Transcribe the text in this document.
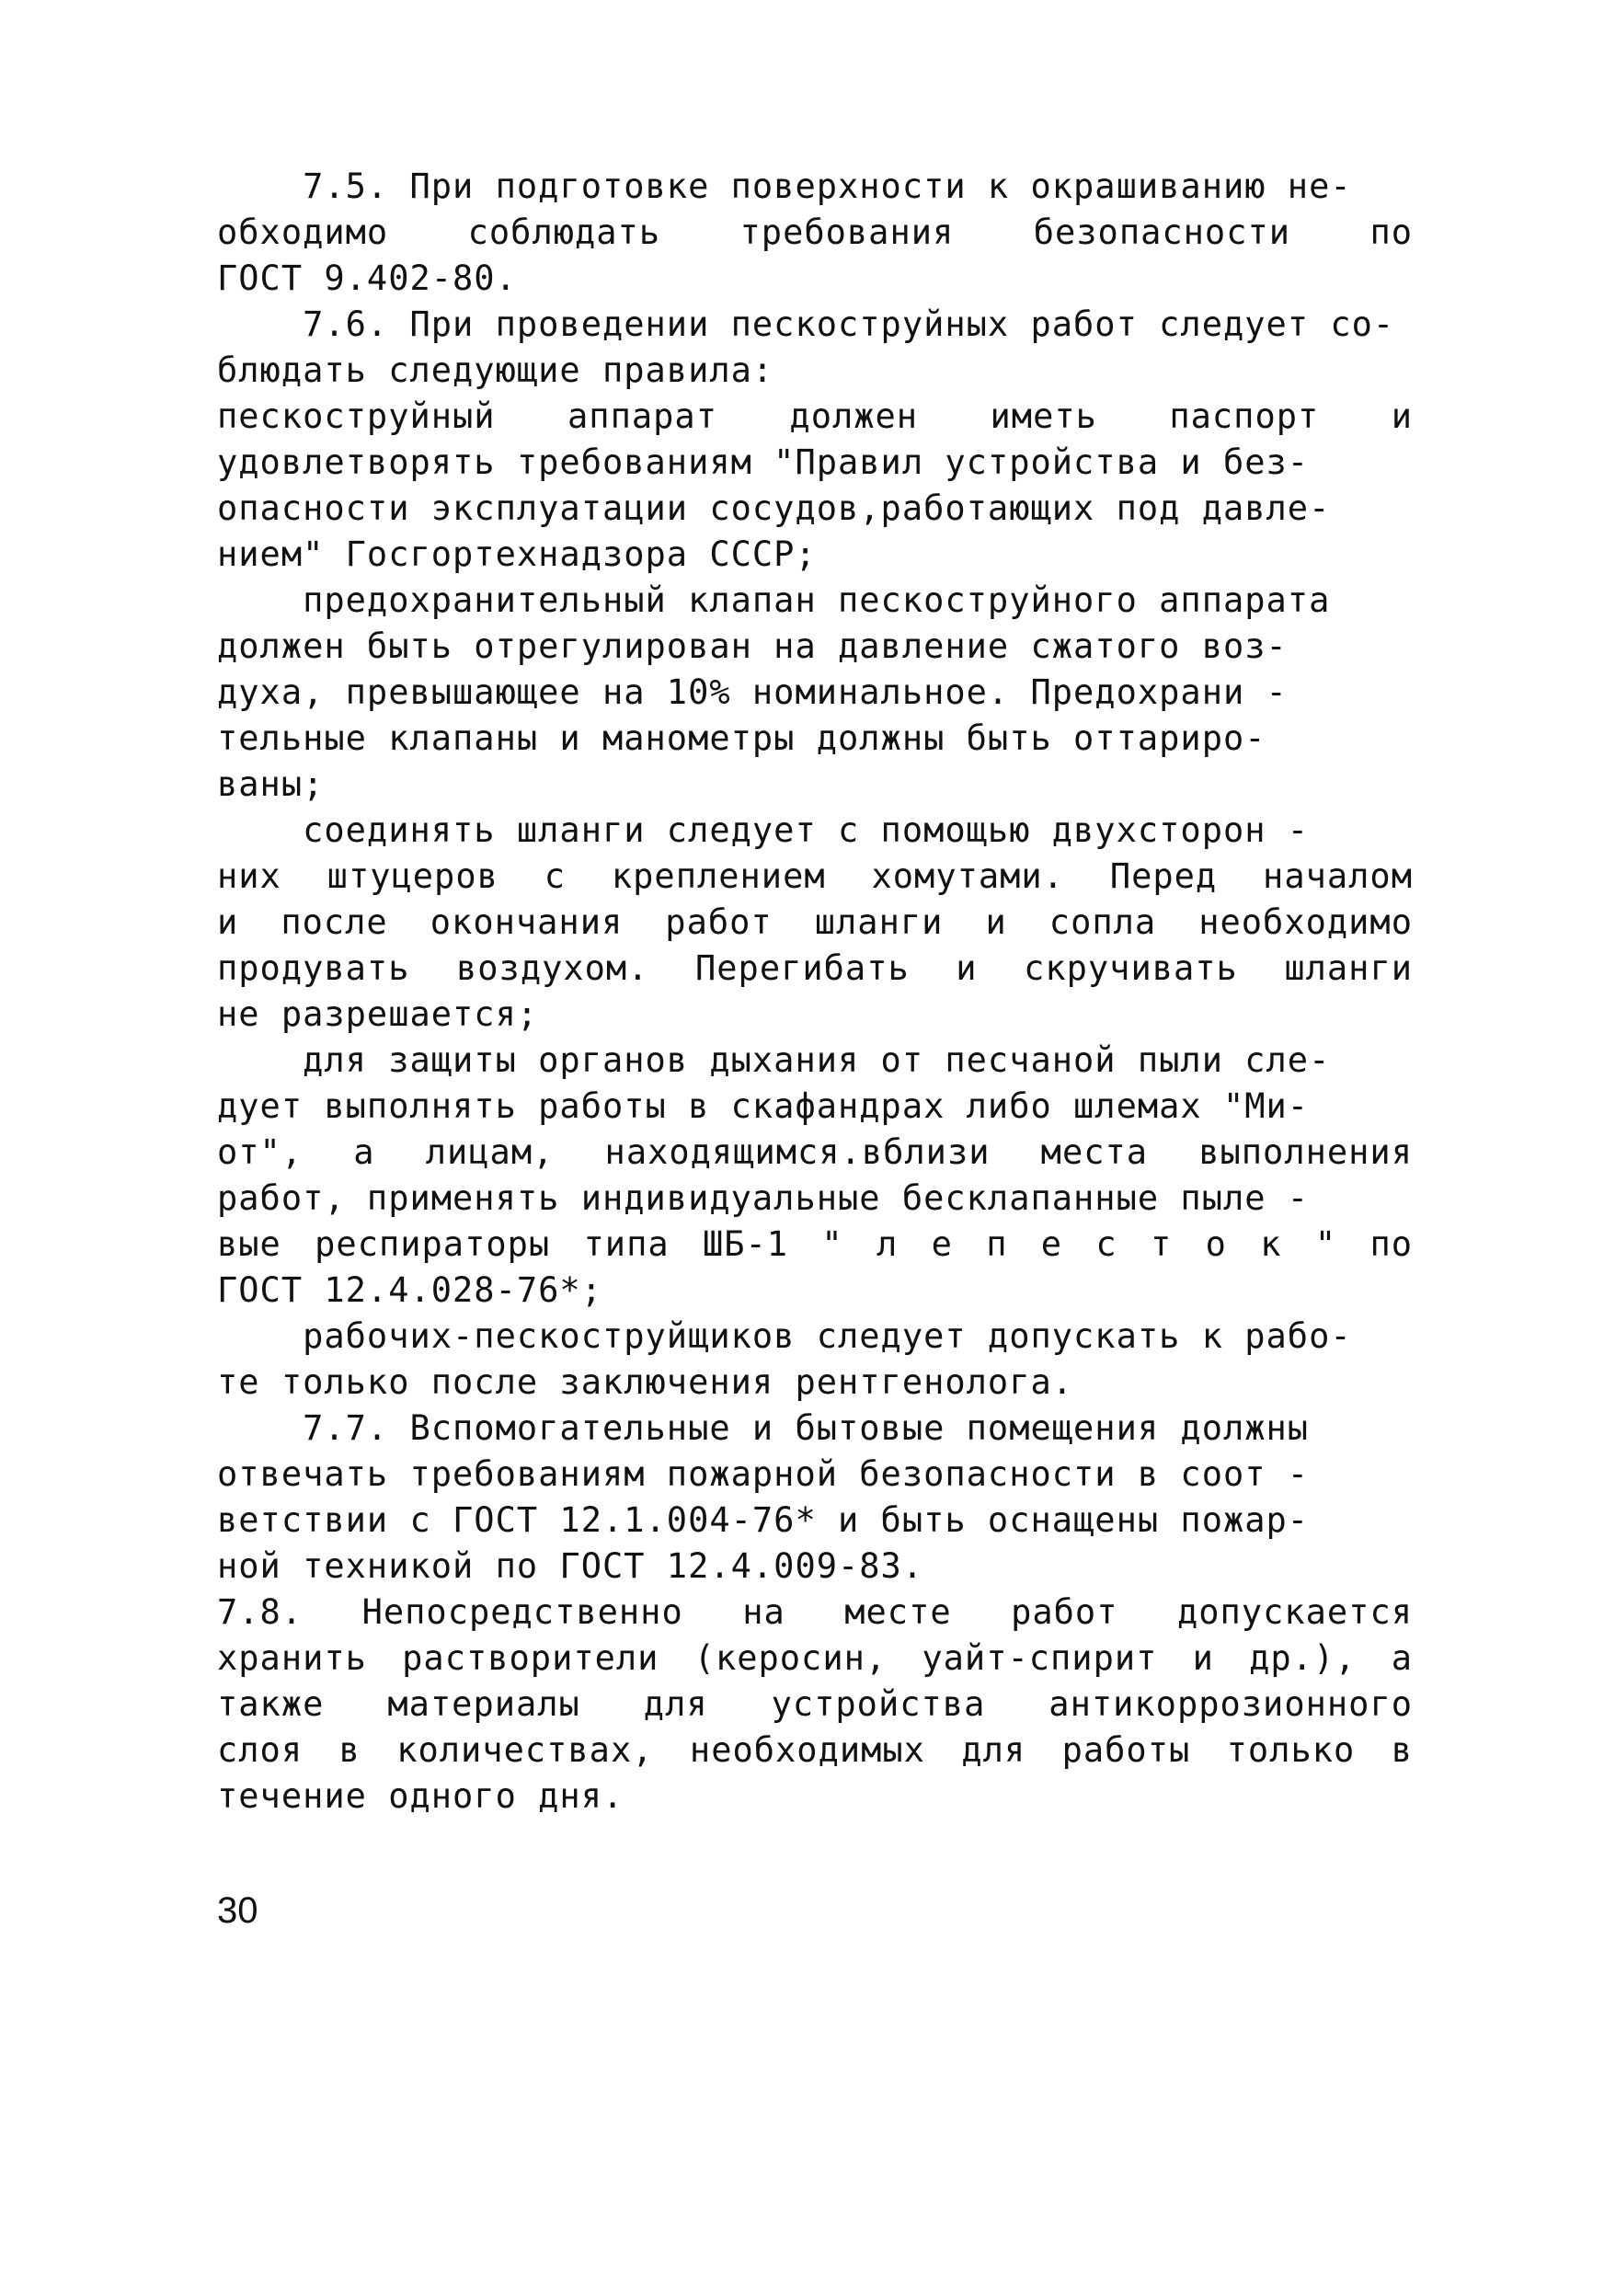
7.5. При подготовке поверхности к окрашиванию не-
обходимо соблюдать требования безопасности по
ГОСТ 9.402-80.
7.6. При проведении пескоструйных работ следует со-
блюдать следующие правила:
пескоструйный аппарат должен иметь паспорт и
удовлетворять требованиям "Правил устройства и без-
опасности эксплуатации сосудов,работающих под давле-
нием" Госгортехнадзора СССР;
предохранительный клапан пескоструйного аппарата
должен быть отрегулирован на давление сжатого воз-
духа, превышающее на 10% номинальное. Предохрани -
тельные клапаны и манометры должны быть оттариро-
ваны;
соединять шланги следует с помощью двухсторон -
них штуцеров с креплением хомутами. Перед началом
и после окончания работ шланги и сопла необходимо
продувать воздухом. Перегибать и скручивать шланги
не разрешается;
для защиты органов дыхания от песчаной пыли сле-
дует выполнять работы в скафандрах либо шлемах "Ми-
от", а лицам, находящимся.вблизи места выполнения
работ, применять индивидуальные бесклапанные пыле -
вые респираторы типа ШБ-1 " л е п е с т о к " по
ГОСТ 12.4.028-76*;
рабочих-пескоструйщиков следует допускать к рабо-
те только после заключения рентгенолога.
7.7. Вспомогательные и бытовые помещения должны
отвечать требованиям пожарной безопасности в соот -
ветствии с ГОСТ 12.1.004-76* и быть оснащены пожар-
ной техникой по ГОСТ 12.4.009-83.
7.8. Непосредственно на месте работ допускается
хранить растворители (керосин, уайт-спирит и др.), а
также материалы для устройства антикоррозионного
слоя в количествах, необходимых для работы только в
течение одного дня.
30
